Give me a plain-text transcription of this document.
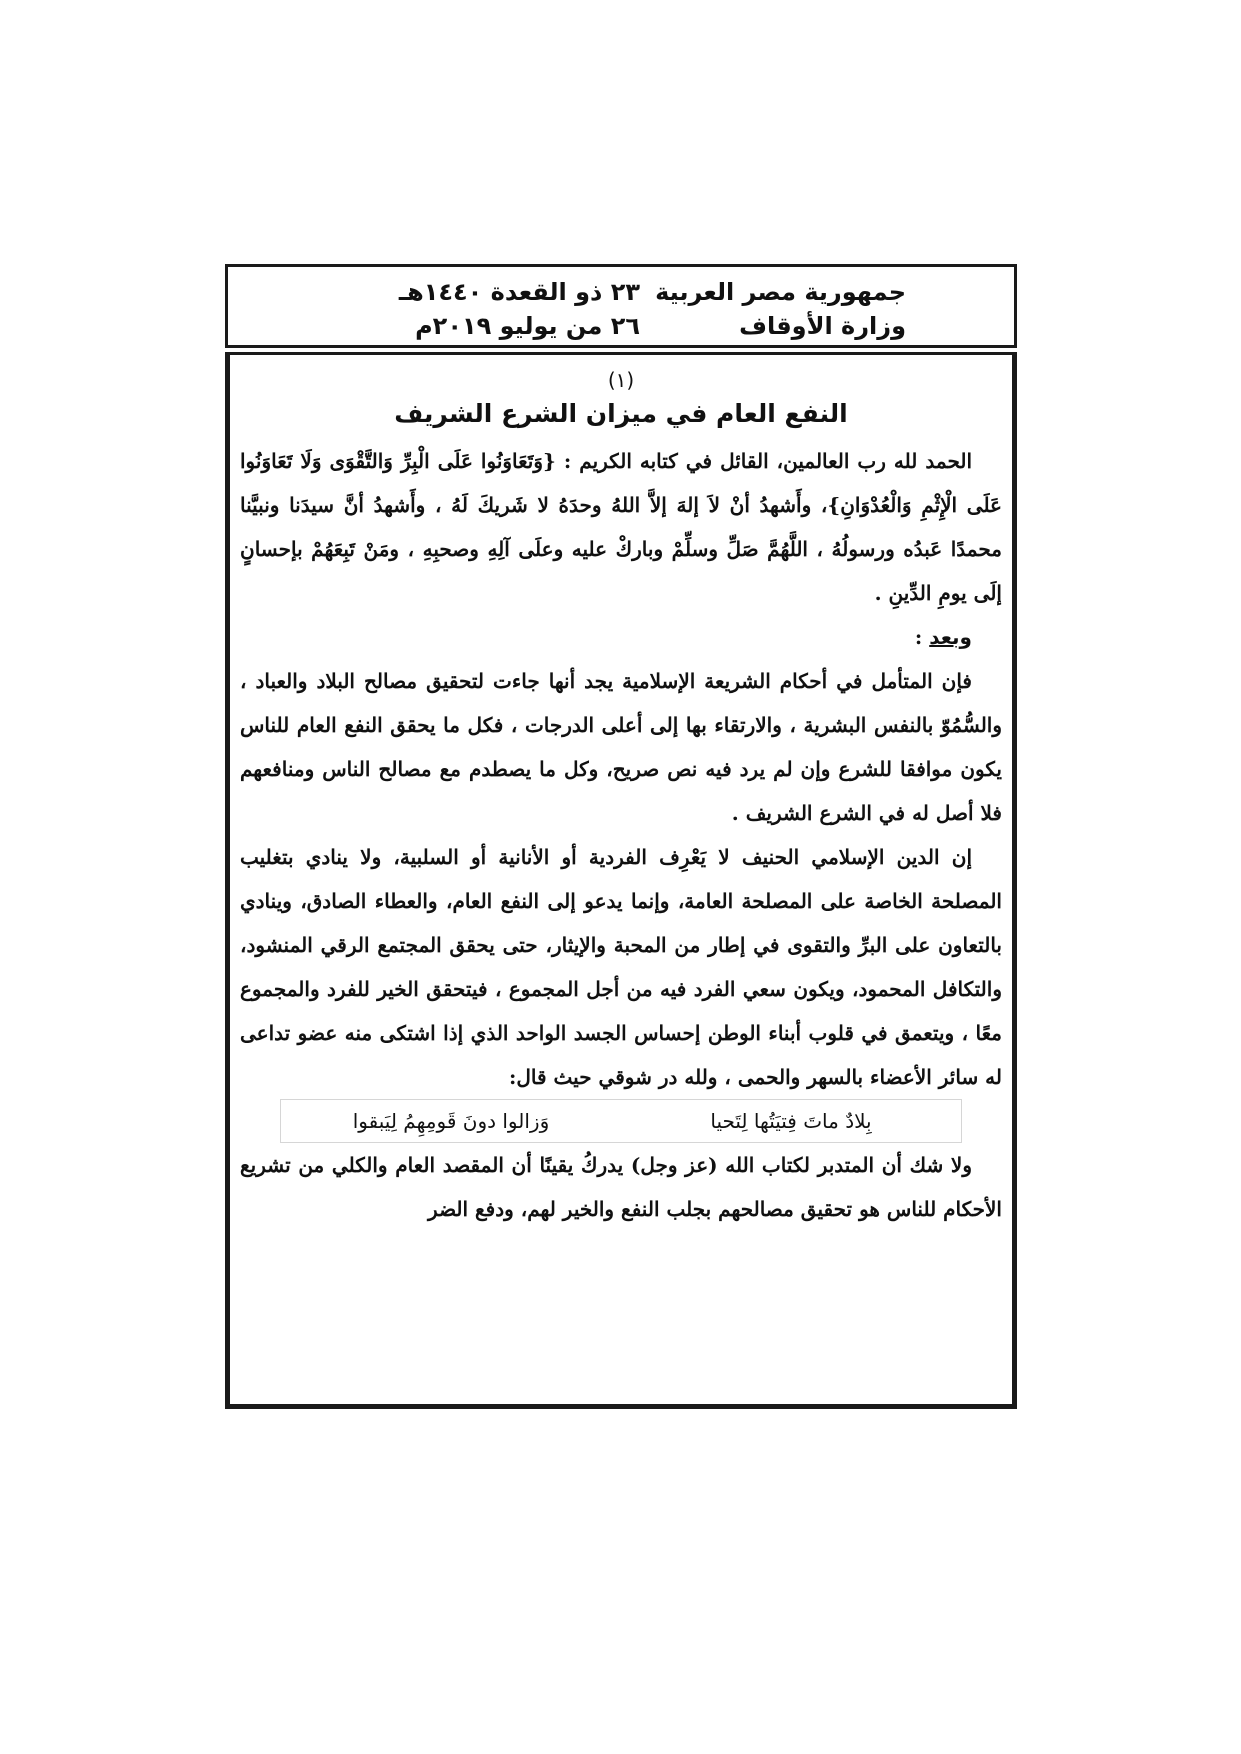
جمهورية مصر العربية
وزارة الأوقاف
٢٣ ذو القعدة ١٤٤٠هـ
٢٦ من يوليو ٢٠١٩م
(١)
النفع العام في ميزان الشرع الشريف

الحمد لله رب العالمين، القائل في كتابه الكريم : {وَتَعَاوَنُوا عَلَى الْبِرِّ وَالتَّقْوَى وَلَا تَعَاوَنُوا عَلَى الْإِثْمِ وَالْعُدْوَانِ}، وأَشهدُ أنْ لاَ إلهَ إلاَّ اللهُ وحدَهُ لا شَريكَ لَهُ ، وأَشهدُ أنَّ سيدَنا ونبيَّنا محمدًا عَبدُه ورسولُهُ ، اللَّهُمَّ صَلِّ وسلِّمْ وباركْ عليه وعلَى آلِهِ وصحبِهِ ، ومَنْ تَبِعَهُمْ بإحسانٍ إلَى يومِ الدِّينِ .

وبعد :

فإن المتأمل في أحكام الشريعة الإسلامية يجد أنها جاءت لتحقيق مصالح البلاد والعباد ، والسُّمُوّ بالنفس البشرية ، والارتقاء بها إلى أعلى الدرجات ، فكل ما يحقق النفع العام للناس يكون موافقا للشرع وإن لم يرد فيه نص صريح، وكل ما يصطدم مع مصالح الناس ومنافعهم فلا أصل له في الشرع الشريف .

إن الدين الإسلامي الحنيف لا يَعْرِف الفردية أو الأنانية أو السلبية، ولا ينادي بتغليب المصلحة الخاصة على المصلحة العامة، وإنما يدعو إلى النفع العام، والعطاء الصادق، وينادي بالتعاون على البرِّ والتقوى في إطار من المحبة والإيثار، حتى يحقق المجتمع الرقي المنشود، والتكافل المحمود، ويكون سعي الفرد فيه من أجل المجموع ، فيتحقق الخير للفرد والمجموع معًا ، ويتعمق في قلوب أبناء الوطن إحساس الجسد الواحد الذي إذا اشتكى منه عضو تداعى له سائر الأعضاء بالسهر والحمى ، ولله در شوقي حيث قال:

بِلادٌ ماتَ فِتيَتُها لِتَحيا
وَزالوا دونَ قَومِهِمُ لِيَبقوا

ولا شك أن المتدبر لكتاب الله (عز وجل) يدركُ يقينًا أن المقصد العام والكلي من تشريع الأحكام للناس هو تحقيق مصالحهم بجلب النفع والخير لهم، ودفع الضر
